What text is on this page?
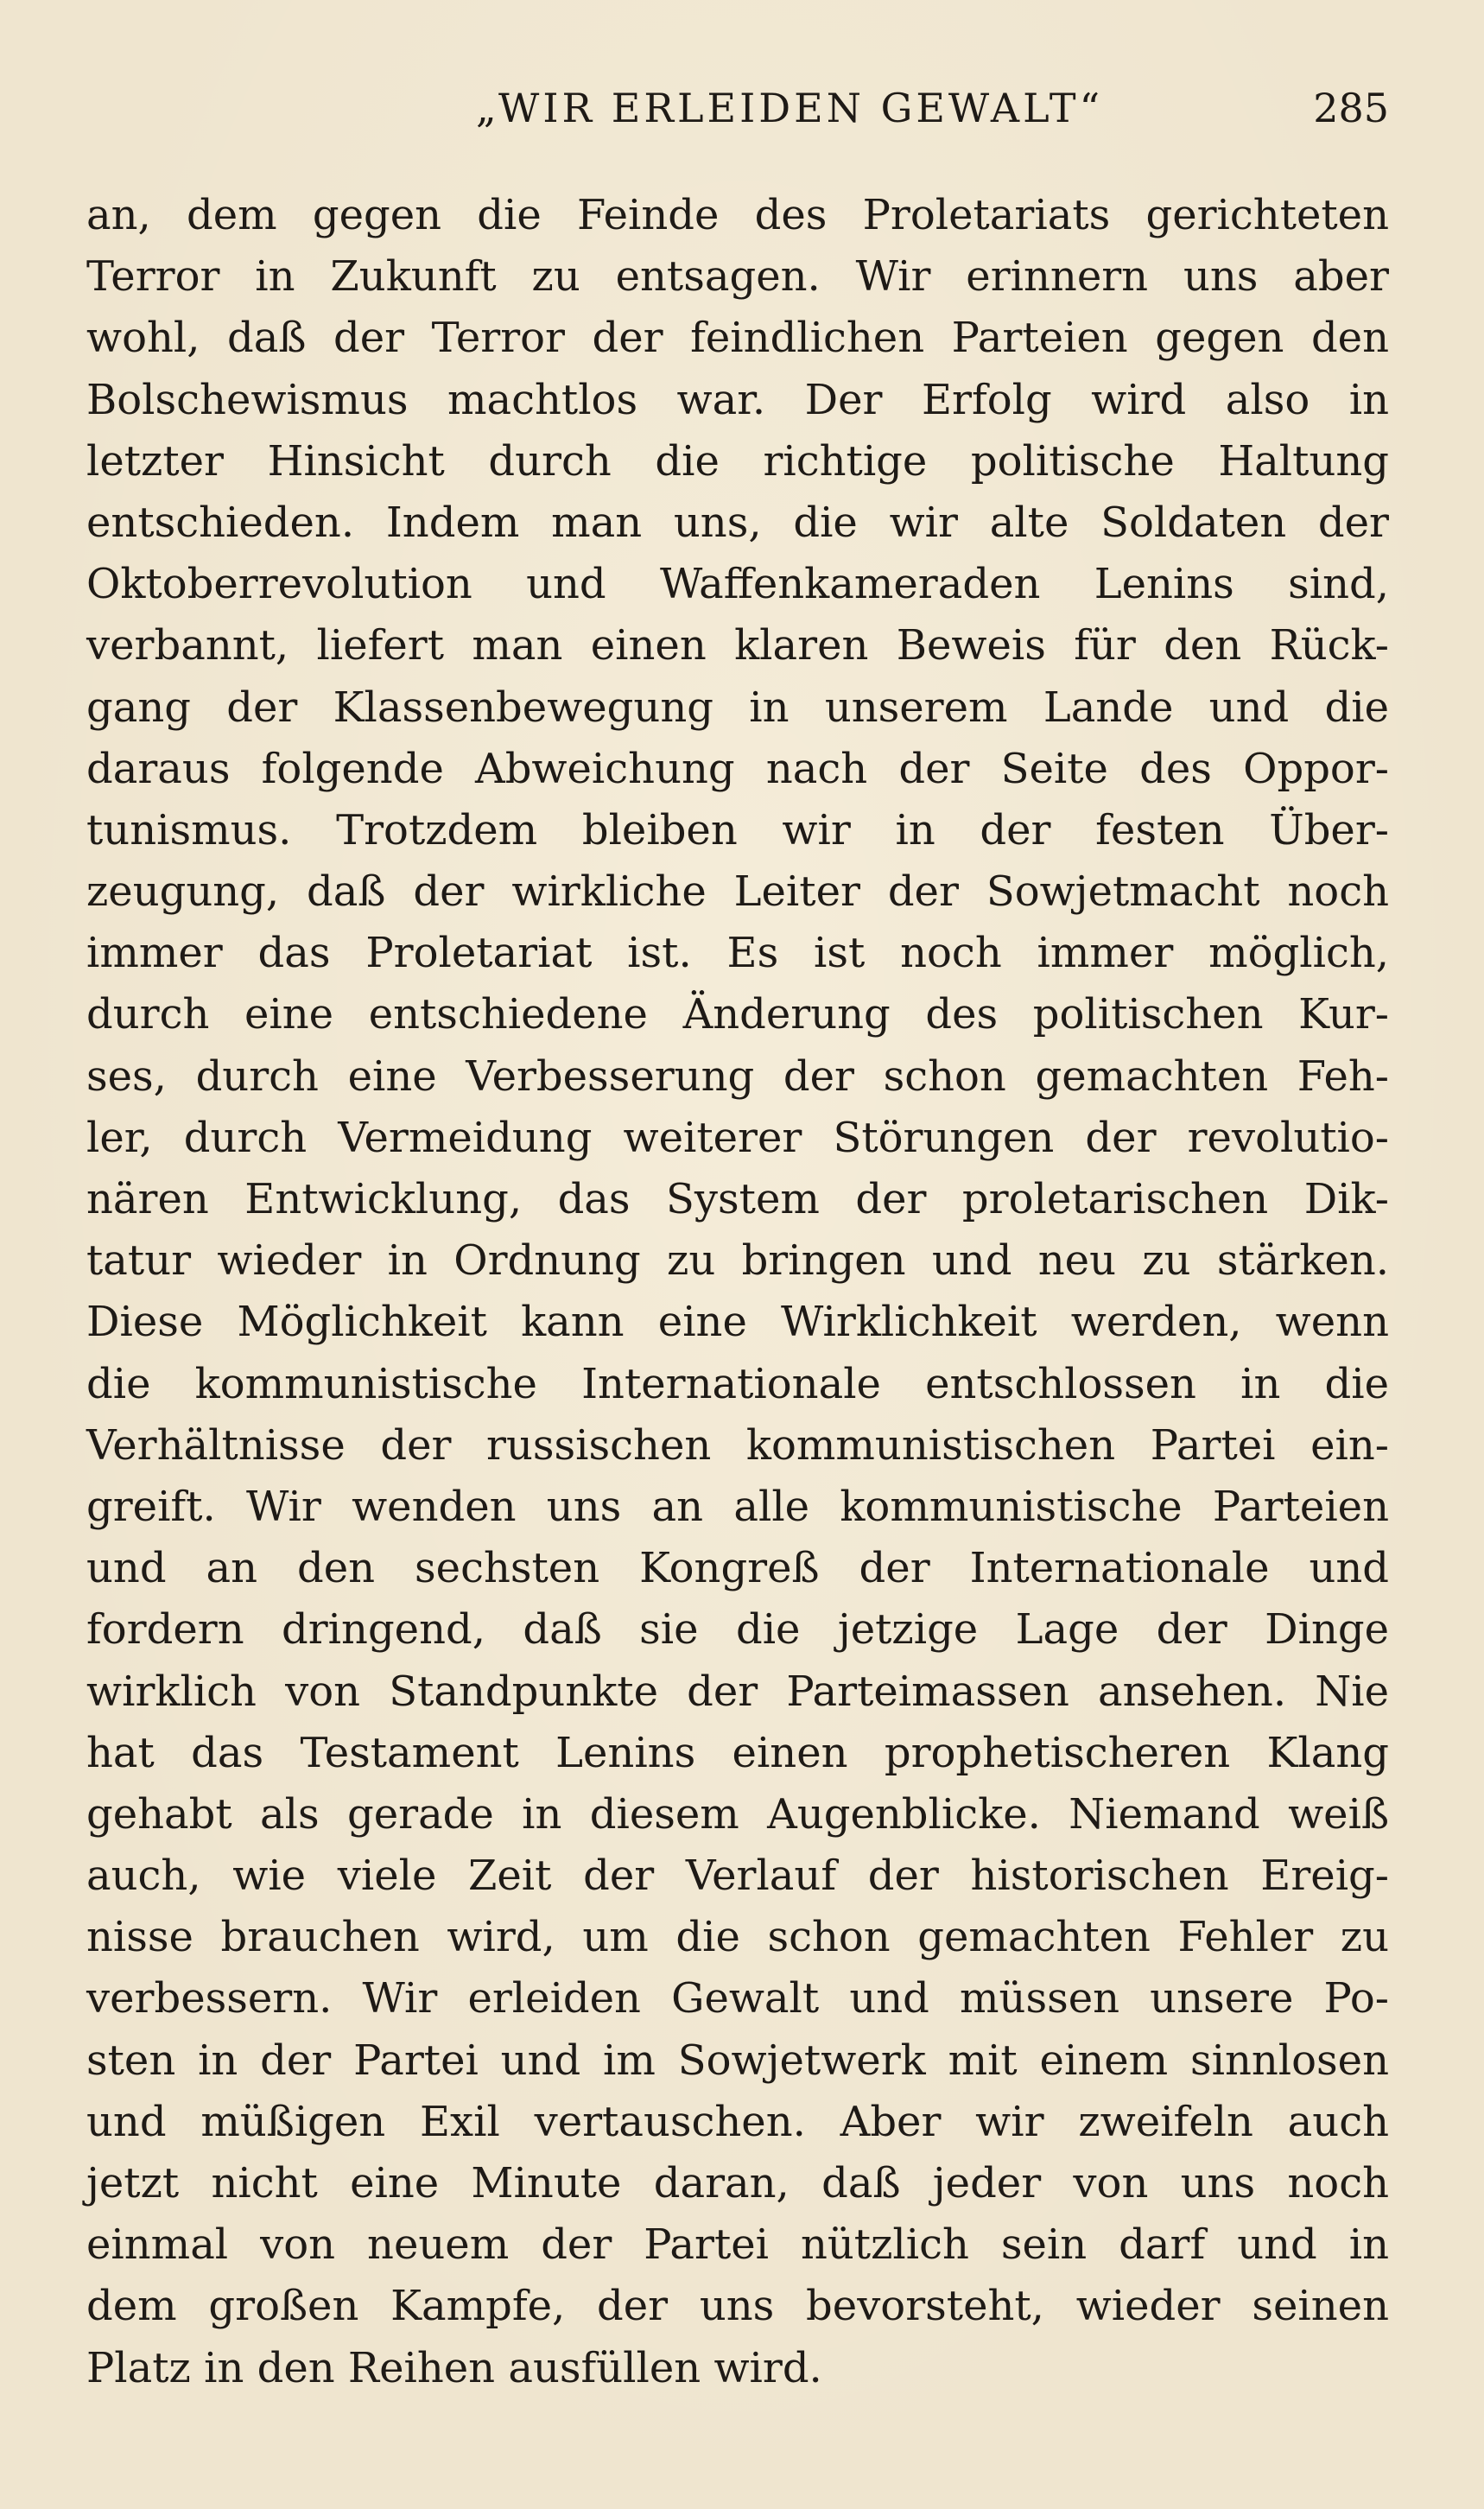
„WIR ERLEIDEN GEWALT“	285
an, dem gegen die Feinde des Proletariats gerichteten
Terror in Zukunft zu entsagen. Wir erinnern uns aber
wohl, daß der Terror der feindlichen Parteien gegen den
Bolschewismus machtlos war. Der Erfolg wird also in
letzter Hinsicht durch die richtige politische Haltung
entschieden. Indem man uns, die wir alte Soldaten der
Oktoberrevolution und Waffenkameraden Lenins sind,
verbannt, liefert man einen klaren Beweis für den Rück-
gang der Klassenbewegung in unserem Lande und die
daraus folgende Abweichung nach der Seite des Oppor-
tunismus. Trotzdem bleiben wir in der festen Über-
zeugung, daß der wirkliche Leiter der Sowjetmacht noch
immer das Proletariat ist. Es ist noch immer möglich,
durch eine entschiedene Änderung des politischen Kur-
ses, durch eine Verbesserung der schon gemachten Feh-
ler, durch Vermeidung weiterer Störungen der revolutio-
nären Entwicklung, das System der proletarischen Dik-
tatur wieder in Ordnung zu bringen und neu zu stärken.
Diese Möglichkeit kann eine Wirklichkeit werden, wenn
die kommunistische Internationale entschlossen in die
Verhältnisse der russischen kommunistischen Partei ein-
greift. Wir wenden uns an alle kommunistische Parteien
und an den sechsten Kongreß der Internationale und
fordern dringend, daß sie die jetzige Lage der Dinge
wirklich von Standpunkte der Parteimassen ansehen. Nie
hat das Testament Lenins einen prophetischeren Klang
gehabt als gerade in diesem Augenblicke. Niemand weiß
auch, wie viele Zeit der Verlauf der historischen Ereig-
nisse brauchen wird, um die schon gemachten Fehler zu
verbessern. Wir erleiden Gewalt und müssen unsere Po-
sten in der Partei und im Sowjetwerk mit einem sinnlosen
und müßigen Exil vertauschen. Aber wir zweifeln auch
jetzt nicht eine Minute daran, daß jeder von uns noch
einmal von neuem der Partei nützlich sein darf und in
dem großen Kampfe, der uns bevorsteht, wieder seinen
Platz in den Reihen ausfüllen wird.
